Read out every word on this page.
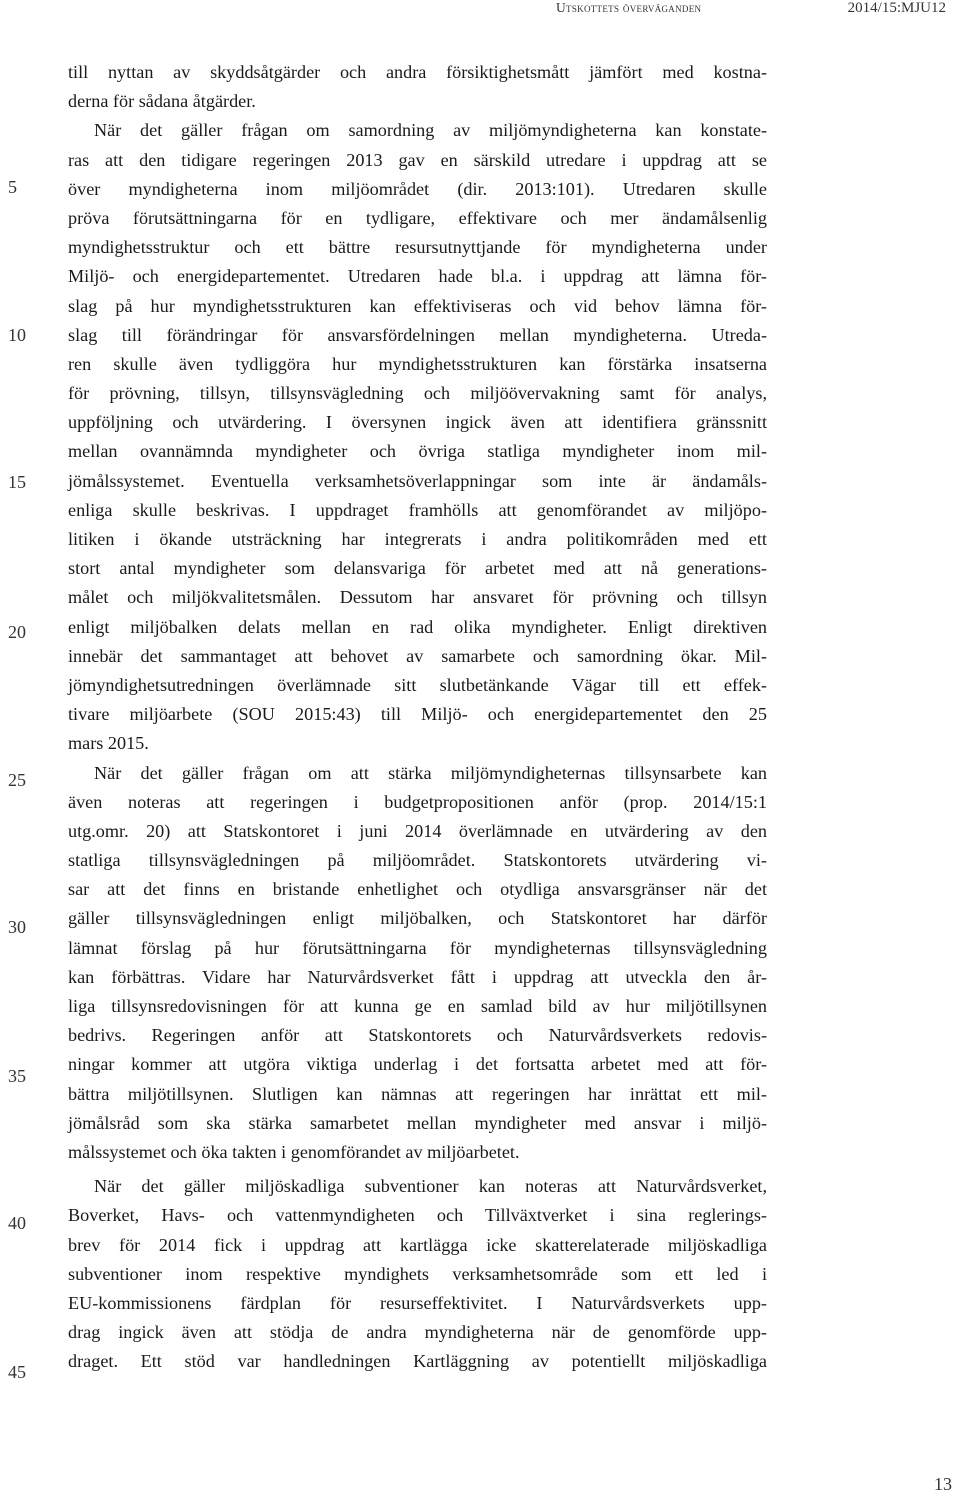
Utskottets överväganden	2014/15:MJU12
5
10
15
20
25
30
35
40
45
till nyttan av skyddsåtgärder och andra försiktighetsmått jämfört med kostna-
derna för sådana åtgärder.
När det gäller frågan om samordning av miljömyndigheterna kan konstate-
ras att den tidigare regeringen 2013 gav en särskild utredare i uppdrag att se
över myndigheterna inom miljöområdet (dir. 2013:101). Utredaren skulle
pröva förutsättningarna för en tydligare, effektivare och mer ändamålsenlig
myndighetsstruktur och ett bättre resursutnyttjande för myndigheterna under
Miljö- och energidepartementet. Utredaren hade bl.a. i uppdrag att lämna för-
slag på hur myndighetsstrukturen kan effektiviseras och vid behov lämna för-
slag till förändringar för ansvarsfördelningen mellan myndigheterna. Utreda-
ren skulle även tydliggöra hur myndighetsstrukturen kan förstärka insatserna
för prövning, tillsyn, tillsynsvägledning och miljöövervakning samt för analys,
uppföljning och utvärdering. I översynen ingick även att identifiera gränssnitt
mellan ovannämnda myndigheter och övriga statliga myndigheter inom mil-
jömålssystemet. Eventuella verksamhetsöverlappningar som inte är ändamåls-
enliga skulle beskrivas. I uppdraget framhölls att genomförandet av miljöpo-
litiken i ökande utsträckning har integrerats i andra politikområden med ett
stort antal myndigheter som delansvariga för arbetet med att nå generations-
målet och miljökvalitetsmålen. Dessutom har ansvaret för prövning och tillsyn
enligt miljöbalken delats mellan en rad olika myndigheter. Enligt direktiven
innebär det sammantaget att behovet av samarbete och samordning ökar. Mil-
jömyndighetsutredningen överlämnade sitt slutbetänkande Vägar till ett effek-
tivare miljöarbete (SOU 2015:43) till Miljö- och energidepartementet den 25
mars 2015.
När det gäller frågan om att stärka miljömyndigheternas tillsynsarbete kan
även noteras att regeringen i budgetpropositionen anför (prop. 2014/15:1
utg.omr. 20) att Statskontoret i juni 2014 överlämnade en utvärdering av den
statliga tillsynsvägledningen på miljöområdet. Statskontorets utvärdering vi-
sar att det finns en bristande enhetlighet och otydliga ansvarsgränser när det
gäller tillsynsvägledningen enligt miljöbalken, och Statskontoret har därför
lämnat förslag på hur förutsättningarna för myndigheternas tillsynsvägledning
kan förbättras. Vidare har Naturvårdsverket fått i uppdrag att utveckla den år-
liga tillsynsredovisningen för att kunna ge en samlad bild av hur miljötillsynen
bedrivs. Regeringen anför att Statskontorets och Naturvårdsverkets redovis-
ningar kommer att utgöra viktiga underlag i det fortsatta arbetet med att för-
bättra miljötillsynen. Slutligen kan nämnas att regeringen har inrättat ett mil-
jömålsråd som ska stärka samarbetet mellan myndigheter med ansvar i miljö-
målssystemet och öka takten i genomförandet av miljöarbetet.
När det gäller miljöskadliga subventioner kan noteras att Naturvårdsverket,
Boverket, Havs- och vattenmyndigheten och Tillväxtverket i sina reglerings-
brev för 2014 fick i uppdrag att kartlägga icke skatterelaterade miljöskadliga
subventioner inom respektive myndighets verksamhetsområde som ett led i
EU-kommissionens färdplan för resurseffektivitet. I Naturvårdsverkets upp-
drag ingick även att stödja de andra myndigheterna när de genomförde upp-
draget. Ett stöd var handledningen Kartläggning av potentiellt miljöskadliga
13
